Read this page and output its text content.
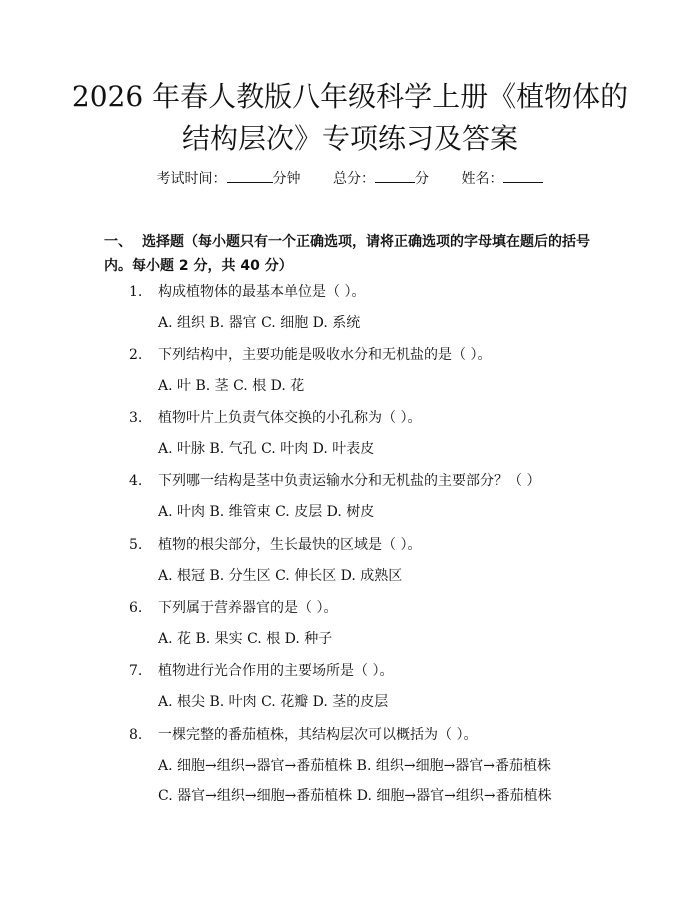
2026 年春人教版八年级科学上册《植物体的
结构层次》专项练习及答案
考试时间：	分钟 总分：	分 姓名：
一、 选择题（每小题只有一个正确选项，请将正确选项的字母填在题后的括号内。每小题 2 分，共 40 分）
1. 构成植物体的最基本单位是（ ）。
A. 组织 B. 器官 C. 细胞 D. 系统
2. 下列结构中，主要功能是吸收水分和无机盐的是（ ）。
A. 叶 B. 茎 C. 根 D. 花
3. 植物叶片上负责气体交换的小孔称为（ ）。
A. 叶脉 B. 气孔 C. 叶肉 D. 叶表皮
4. 下列哪一结构是茎中负责运输水分和无机盐的主要部分？（ ）
A. 叶肉 B. 维管束 C. 皮层 D. 树皮
5. 植物的根尖部分，生长最快的区域是（ ）。
A. 根冠 B. 分生区 C. 伸长区 D. 成熟区
6. 下列属于营养器官的是（ ）。
A. 花 B. 果实 C. 根 D. 种子
7. 植物进行光合作用的主要场所是（ ）。
A. 根尖 B. 叶肉 C. 花瓣 D. 茎的皮层
8. 一棵完整的番茄植株，其结构层次可以概括为（ ）。
A. 细胞→组织→器官→番茄植株 B. 组织→细胞→器官→番茄植株
C. 器官→组织→细胞→番茄植株 D. 细胞→器官→组织→番茄植株
